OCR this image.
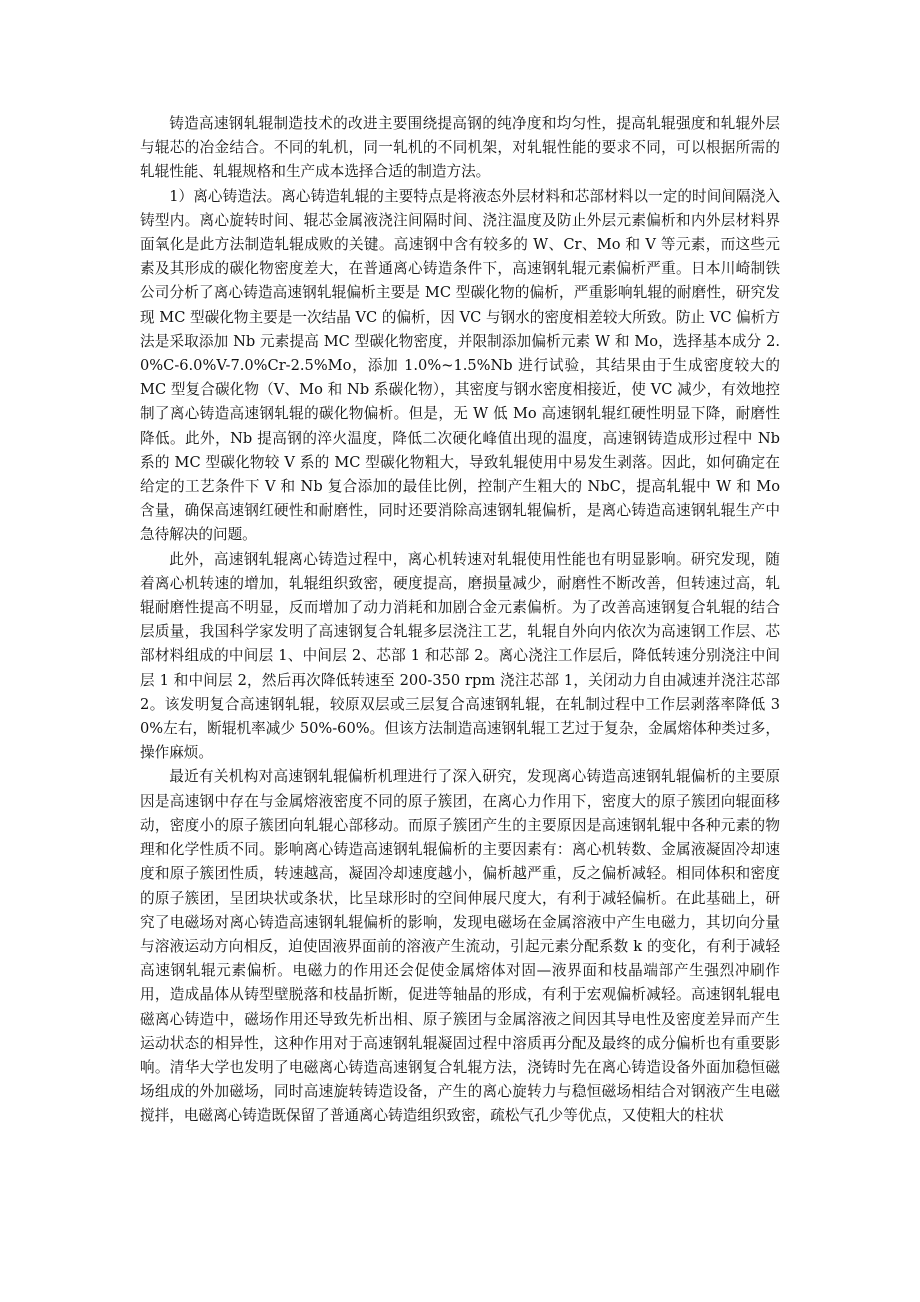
铸造高速钢轧辊制造技术的改进主要围绕提高钢的纯净度和均匀性，提高轧辊强度和轧辊外层与辊芯的冶金结合。不同的轧机，同一轧机的不同机架，对轧辊性能的要求不同，可以根据所需的轧辊性能、轧辊规格和生产成本选择合适的制造方法。

1）离心铸造法。离心铸造轧辊的主要特点是将液态外层材料和芯部材料以一定的时间间隔浇入铸型内。离心旋转时间、辊芯金属液浇注间隔时间、浇注温度及防止外层元素偏析和内外层材料界面氧化是此方法制造轧辊成败的关键。高速钢中含有较多的 W、Cr、Mo 和 V 等元素，而这些元素及其形成的碳化物密度差大，在普通离心铸造条件下，高速钢轧辊元素偏析严重。日本川崎制铁公司分析了离心铸造高速钢轧辊偏析主要是 MC 型碳化物的偏析，严重影响轧辊的耐磨性，研究发现 MC 型碳化物主要是一次结晶 VC 的偏析，因 VC 与钢水的密度相差较大所致。防止 VC 偏析方法是采取添加 Nb 元素提高 MC 型碳化物密度，并限制添加偏析元素 W 和 Mo，选择基本成分 2.0%C-6.0%V-7.0%Cr-2.5%Mo，添加 1.0%~1.5%Nb 进行试验，其结果由于生成密度较大的 MC 型复合碳化物（V、Mo 和 Nb 系碳化物），其密度与钢水密度相接近，使 VC 减少，有效地控制了离心铸造高速钢轧辊的碳化物偏析。但是，无 W 低 Mo 高速钢轧辊红硬性明显下降，耐磨性降低。此外，Nb 提高钢的淬火温度，降低二次硬化峰值出现的温度，高速钢铸造成形过程中 Nb 系的 MC 型碳化物较 V 系的 MC 型碳化物粗大，导致轧辊使用中易发生剥落。因此，如何确定在给定的工艺条件下 V 和 Nb 复合添加的最佳比例，控制产生粗大的 NbC，提高轧辊中 W 和 Mo 含量，确保高速钢红硬性和耐磨性，同时还要消除高速钢轧辊偏析，是离心铸造高速钢轧辊生产中急待解决的问题。

此外，高速钢轧辊离心铸造过程中，离心机转速对轧辊使用性能也有明显影响。研究发现，随着离心机转速的增加，轧辊组织致密，硬度提高，磨损量减少，耐磨性不断改善，但转速过高，轧辊耐磨性提高不明显，反而增加了动力消耗和加剧合金元素偏析。为了改善高速钢复合轧辊的结合层质量，我国科学家发明了高速钢复合轧辊多层浇注工艺，轧辊自外向内依次为高速钢工作层、芯部材料组成的中间层 1、中间层 2、芯部 1 和芯部 2。离心浇注工作层后，降低转速分别浇注中间层 1 和中间层 2，然后再次降低转速至 200-350 rpm 浇注芯部 1，关闭动力自由减速并浇注芯部 2。该发明复合高速钢轧辊，较原双层或三层复合高速钢轧辊，在轧制过程中工作层剥落率降低 30%左右，断辊机率减少 50%-60%。但该方法制造高速钢轧辊工艺过于复杂，金属熔体种类过多，操作麻烦。

最近有关机构对高速钢轧辊偏析机理进行了深入研究，发现离心铸造高速钢轧辊偏析的主要原因是高速钢中存在与金属熔液密度不同的原子簇团，在离心力作用下，密度大的原子簇团向辊面移动，密度小的原子簇团向轧辊心部移动。而原子簇团产生的主要原因是高速钢轧辊中各种元素的物理和化学性质不同。影响离心铸造高速钢轧辊偏析的主要因素有：离心机转数、金属液凝固冷却速度和原子簇团性质，转速越高，凝固冷却速度越小，偏析越严重，反之偏析减轻。相同体积和密度的原子簇团，呈团块状或条状，比呈球形时的空间伸展尺度大，有利于减轻偏析。在此基础上，研究了电磁场对离心铸造高速钢轧辊偏析的影响，发现电磁场在金属溶液中产生电磁力，其切向分量与溶液运动方向相反，迫使固液界面前的溶液产生流动，引起元素分配系数 k 的变化，有利于减轻高速钢轧辊元素偏析。电磁力的作用还会促使金属熔体对固—液界面和枝晶端部产生强烈冲刷作用，造成晶体从铸型壁脱落和枝晶折断，促进等轴晶的形成，有利于宏观偏析减轻。高速钢轧辊电磁离心铸造中，磁场作用还导致先析出相、原子簇团与金属溶液之间因其导电性及密度差异而产生运动状态的相异性，这种作用对于高速钢轧辊凝固过程中溶质再分配及最终的成分偏析也有重要影响。清华大学也发明了电磁离心铸造高速钢复合轧辊方法，浇铸时先在离心铸造设备外面加稳恒磁场组成的外加磁场，同时高速旋转铸造设备，产生的离心旋转力与稳恒磁场相结合对钢液产生电磁搅拌，电磁离心铸造既保留了普通离心铸造组织致密，疏松气孔少等优点，又使粗大的柱状
